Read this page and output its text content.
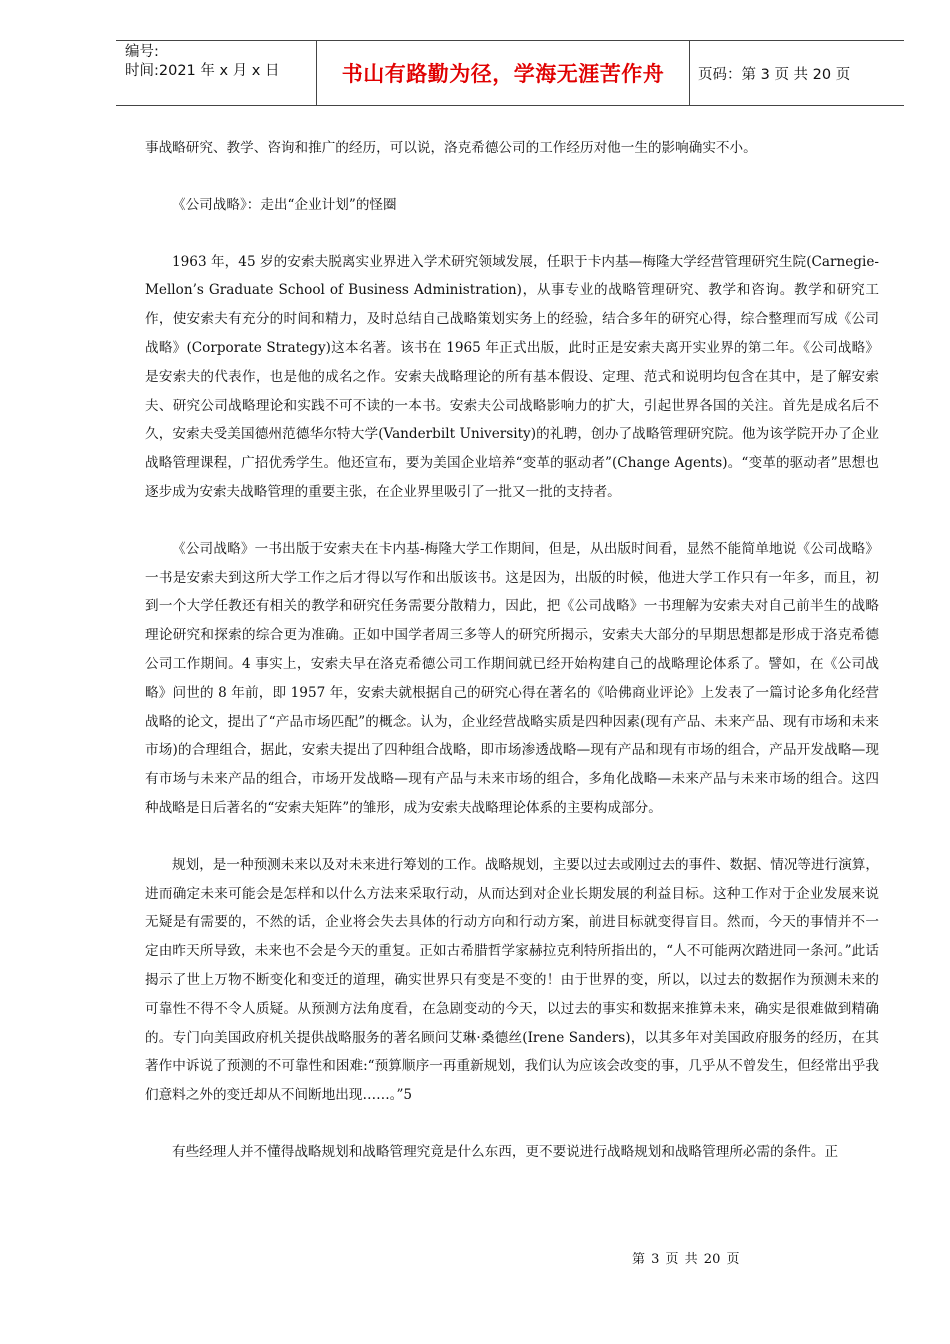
编号:
时间:2021 年 x 月 x 日	书山有路勤为径，学海无涯苦作舟 页码：第 3 页 共 20 页

事战略研究、教学、咨询和推广的经历，可以说，洛克希德公司的工作经历对他一生的影响确实不小。

《公司战略》：走出“企业计划”的怪圈

1963 年，45 岁的安索夫脱离实业界进入学术研究领域发展，任职于卡内基—梅隆大学经营管理研究生院(Carnegie-Mellon’s Graduate School of Business Administration)，从事专业的战略管理研究、教学和咨询。教学和研究工作，使安索夫有充分的时间和精力，及时总结自己战略策划实务上的经验，结合多年的研究心得，综合整理而写成《公司战略》(Corporate Strategy)这本名著。该书在 1965 年正式出版，此时正是安索夫离开实业界的第二年。《公司战略》是安索夫的代表作，也是他的成名之作。安索夫战略理论的所有基本假设、定理、范式和说明均包含在其中，是了解安索夫、研究公司战略理论和实践不可不读的一本书。安索夫公司战略影响力的扩大，引起世界各国的关注。首先是成名后不久，安索夫受美国德州范德华尔特大学(Vanderbilt University)的礼聘，创办了战略管理研究院。他为该学院开办了企业战略管理课程，广招优秀学生。他还宣布，要为美国企业培养“变革的驱动者”(Change Agents)。“变革的驱动者”思想也逐步成为安索夫战略管理的重要主张，在企业界里吸引了一批又一批的支持者。

《公司战略》一书出版于安索夫在卡内基-梅隆大学工作期间，但是，从出版时间看，显然不能简单地说《公司战略》一书是安索夫到这所大学工作之后才得以写作和出版该书。这是因为，出版的时候，他进大学工作只有一年多，而且，初到一个大学任教还有相关的教学和研究任务需要分散精力，因此，把《公司战略》一书理解为安索夫对自己前半生的战略理论研究和探索的综合更为准确。正如中国学者周三多等人的研究所揭示，安索夫大部分的早期思想都是形成于洛克希德公司工作期间。4 事实上，安索夫早在洛克希德公司工作期间就已经开始构建自己的战略理论体系了。譬如，在《公司战略》问世的 8 年前，即 1957 年，安索夫就根据自己的研究心得在著名的《哈佛商业评论》上发表了一篇讨论多角化经营战略的论文，提出了“产品市场匹配”的概念。认为，企业经营战略实质是四种因素(现有产品、未来产品、现有市场和未来市场)的合理组合，据此，安索夫提出了四种组合战略，即市场渗透战略—现有产品和现有市场的组合，产品开发战略—现有市场与未来产品的组合，市场开发战略—现有产品与未来市场的组合，多角化战略—未来产品与未来市场的组合。这四种战略是日后著名的“安索夫矩阵”的雏形，成为安索夫战略理论体系的主要构成部分。

规划，是一种预测未来以及对未来进行筹划的工作。战略规划，主要以过去或刚过去的事件、数据、情况等进行演算，进而确定未来可能会是怎样和以什么方法来采取行动，从而达到对企业长期发展的利益目标。这种工作对于企业发展来说无疑是有需要的，不然的话，企业将会失去具体的行动方向和行动方案，前进目标就变得盲目。然而，今天的事情并不一定由昨天所导致，未来也不会是今天的重复。正如古希腊哲学家赫拉克利特所指出的，“人不可能两次踏进同一条河。”此话揭示了世上万物不断变化和变迁的道理，确实世界只有变是不变的！由于世界的变，所以，以过去的数据作为预测未来的可靠性不得不令人质疑。从预测方法角度看，在急剧变动的今天，以过去的事实和数据来推算未来，确实是很难做到精确的。专门向美国政府机关提供战略服务的著名顾问艾琳·桑德丝(Irene Sanders)，以其多年对美国政府服务的经历，在其著作中诉说了预测的不可靠性和困难:“预算顺序一再重新规划，我们认为应该会改变的事，几乎从不曾发生，但经常出乎我们意料之外的变迁却从不间断地出现……。”5

有些经理人并不懂得战略规划和战略管理究竟是什么东西，更不要说进行战略规划和战略管理所必需的条件。正

第 3 页 共 20 页
